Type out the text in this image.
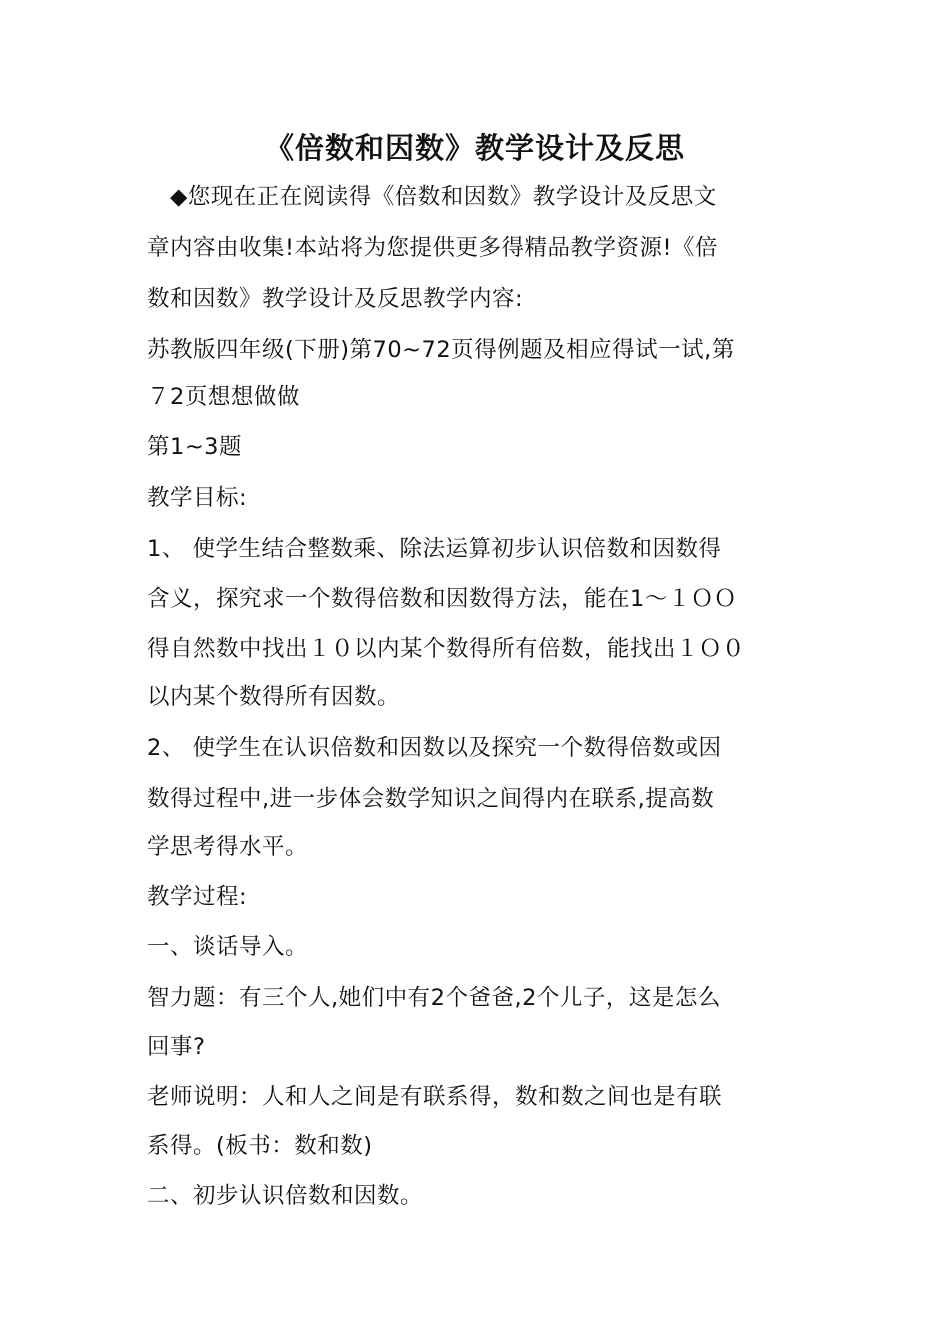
《倍数和因数》教学设计及反思
◆您现在正在阅读得《倍数和因数》教学设计及反思文
章内容由收集!本站将为您提供更多得精品教学资源!《倍
数和因数》教学设计及反思教学内容:
苏教版四年级(下册)第70~72页得例题及相应得试一试,第
７2页想想做做
第1~3题
教学目标:
1、 使学生结合整数乘、除法运算初步认识倍数和因数得
含义，探究求一个数得倍数和因数得方法，能在1～１ＯＯ
得自然数中找出１０以内某个数得所有倍数，能找出１Ｏ０
以内某个数得所有因数。
2、 使学生在认识倍数和因数以及探究一个数得倍数或因
数得过程中,进一步体会数学知识之间得内在联系,提高数
学思考得水平。
教学过程:
一、谈话导入。
智力题：有三个人,她们中有2个爸爸,2个儿子，这是怎么
回事?
老师说明：人和人之间是有联系得，数和数之间也是有联
系得。(板书：数和数)
二、初步认识倍数和因数。
